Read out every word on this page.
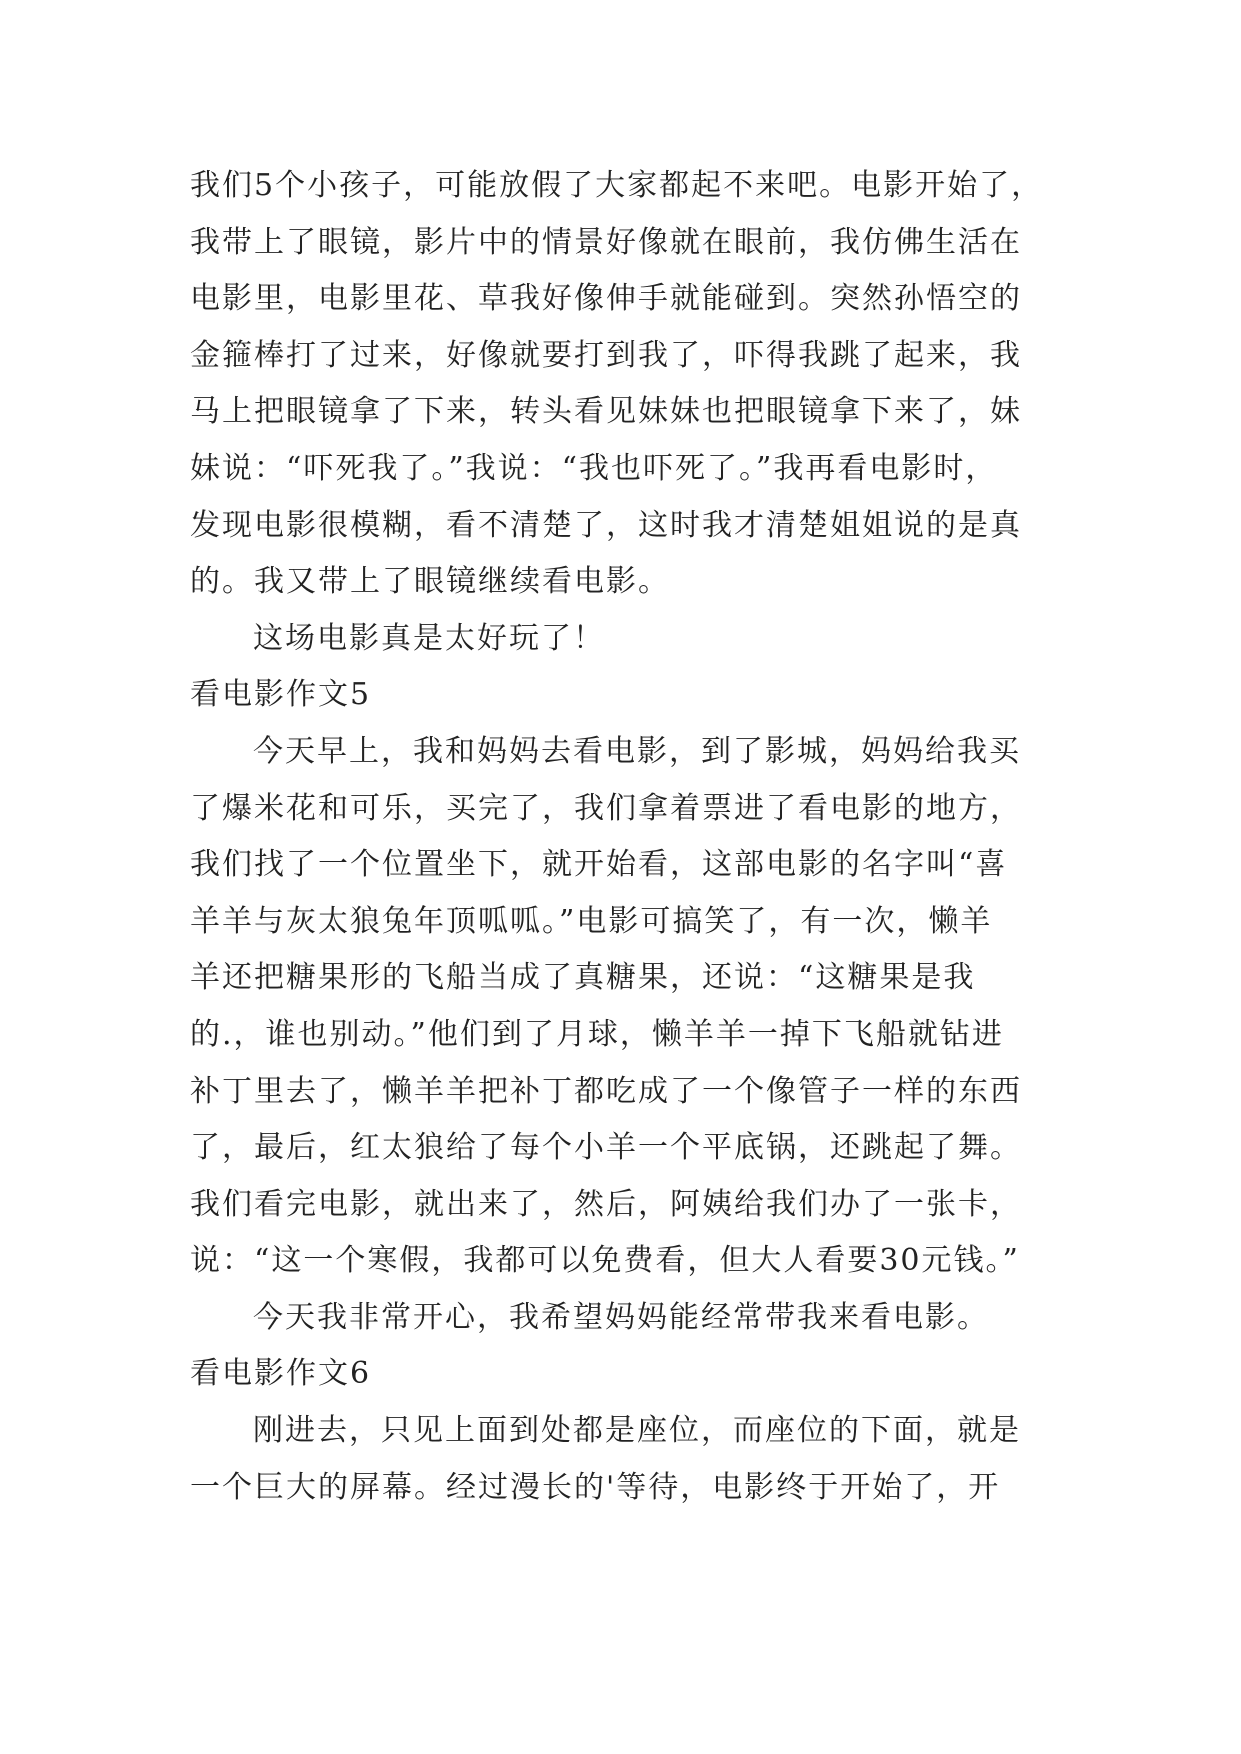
我们5个小孩子，可能放假了大家都起不来吧。电影开始了，
我带上了眼镜，影片中的情景好像就在眼前，我仿佛生活在
电影里，电影里花、草我好像伸手就能碰到。突然孙悟空的
金箍棒打了过来，好像就要打到我了，吓得我跳了起来，我
马上把眼镜拿了下来，转头看见妹妹也把眼镜拿下来了，妹
妹说：“吓死我了。”我说：“我也吓死了。”我再看电影时，
发现电影很模糊，看不清楚了，这时我才清楚姐姐说的是真
的。我又带上了眼镜继续看电影。
这场电影真是太好玩了！
看电影作文5
今天早上，我和妈妈去看电影，到了影城，妈妈给我买
了爆米花和可乐，买完了，我们拿着票进了看电影的地方，
我们找了一个位置坐下，就开始看，这部电影的名字叫“喜
羊羊与灰太狼兔年顶呱呱。”电影可搞笑了，有一次，懒羊
羊还把糖果形的飞船当成了真糖果，还说：“这糖果是我
的.，谁也别动。”他们到了月球，懒羊羊一掉下飞船就钻进
补丁里去了，懒羊羊把补丁都吃成了一个像管子一样的东西
了，最后，红太狼给了每个小羊一个平底锅，还跳起了舞。
我们看完电影，就出来了，然后，阿姨给我们办了一张卡，
说：“这一个寒假，我都可以免费看，但大人看要30元钱。”
今天我非常开心，我希望妈妈能经常带我来看电影。
看电影作文6
刚进去，只见上面到处都是座位，而座位的下面，就是
一个巨大的屏幕。经过漫长的'等待，电影终于开始了，开
